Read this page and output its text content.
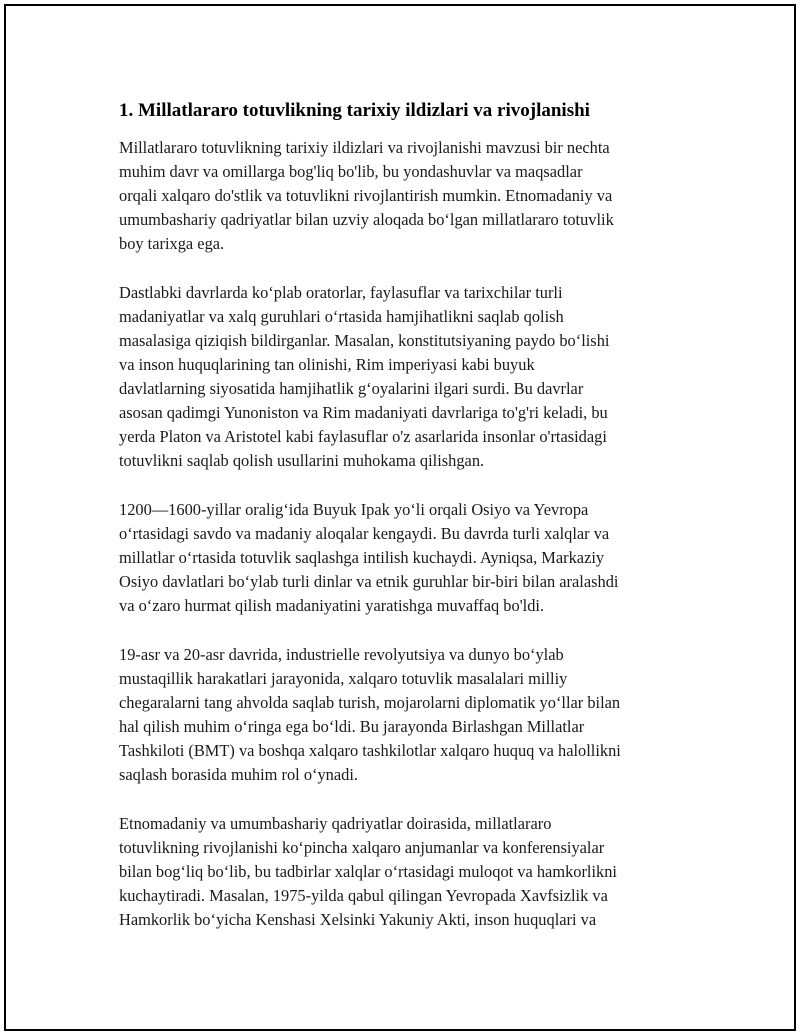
1. Millatlararo totuvlikning tarixiy ildizlari va rivojlanishi

Millatlararo totuvlikning tarixiy ildizlari va rivojlanishi mavzusi bir nechta
muhim davr va omillarga bog'liq bo'lib, bu yondashuvlar va maqsadlar
orqali xalqaro do'stlik va totuvlikni rivojlantirish mumkin. Etnomadaniy va
umumbashariy qadriyatlar bilan uzviy aloqada boʻlgan millatlararo totuvlik
boy tarixga ega.

Dastlabki davrlarda koʻplab oratorlar, faylasuflar va tarixchilar turli
madaniyatlar va xalq guruhlari oʻrtasida hamjihatlikni saqlab qolish
masalasiga qiziqish bildirganlar. Masalan, konstitutsiyaning paydo boʻlishi
va inson huquqlarining tan olinishi, Rim imperiyasi kabi buyuk
davlatlarning siyosatida hamjihatlik gʻoyalarini ilgari surdi. Bu davrlar
asosan qadimgi Yunoniston va Rim madaniyati davrlariga to'g'ri keladi, bu
yerda Platon va Aristotel kabi faylasuflar o'z asarlarida insonlar o'rtasidagi
totuvlikni saqlab qolish usullarini muhokama qilishgan.

1200—1600-yillar oraligʻida Buyuk Ipak yoʻli orqali Osiyo va Yevropa
oʻrtasidagi savdo va madaniy aloqalar kengaydi. Bu davrda turli xalqlar va
millatlar oʻrtasida totuvlik saqlashga intilish kuchaydi. Ayniqsa, Markaziy
Osiyo davlatlari boʻylab turli dinlar va etnik guruhlar bir-biri bilan aralashdi
va oʻzaro hurmat qilish madaniyatini yaratishga muvaffaq bo'ldi.

19-asr va 20-asr davrida, industrielle revolyutsiya va dunyo boʻylab
mustaqillik harakatlari jarayonida, xalqaro totuvlik masalalari milliy
chegaralarni tang ahvolda saqlab turish, mojarolarni diplomatik yoʻllar bilan
hal qilish muhim oʻringa ega boʻldi. Bu jarayonda Birlashgan Millatlar
Tashkiloti (BMT) va boshqa xalqaro tashkilotlar xalqaro huquq va halollikni
saqlash borasida muhim rol oʻynadi.

Etnomadaniy va umumbashariy qadriyatlar doirasida, millatlararo
totuvlikning rivojlanishi koʻpincha xalqaro anjumanlar va konferensiyalar
bilan bogʻliq boʻlib, bu tadbirlar xalqlar oʻrtasidagi muloqot va hamkorlikni
kuchaytiradi. Masalan, 1975-yilda qabul qilingan Yevropada Xavfsizlik va
Hamkorlik boʻyicha Kenshasi Xelsinki Yakuniy Akti, inson huquqlari va
